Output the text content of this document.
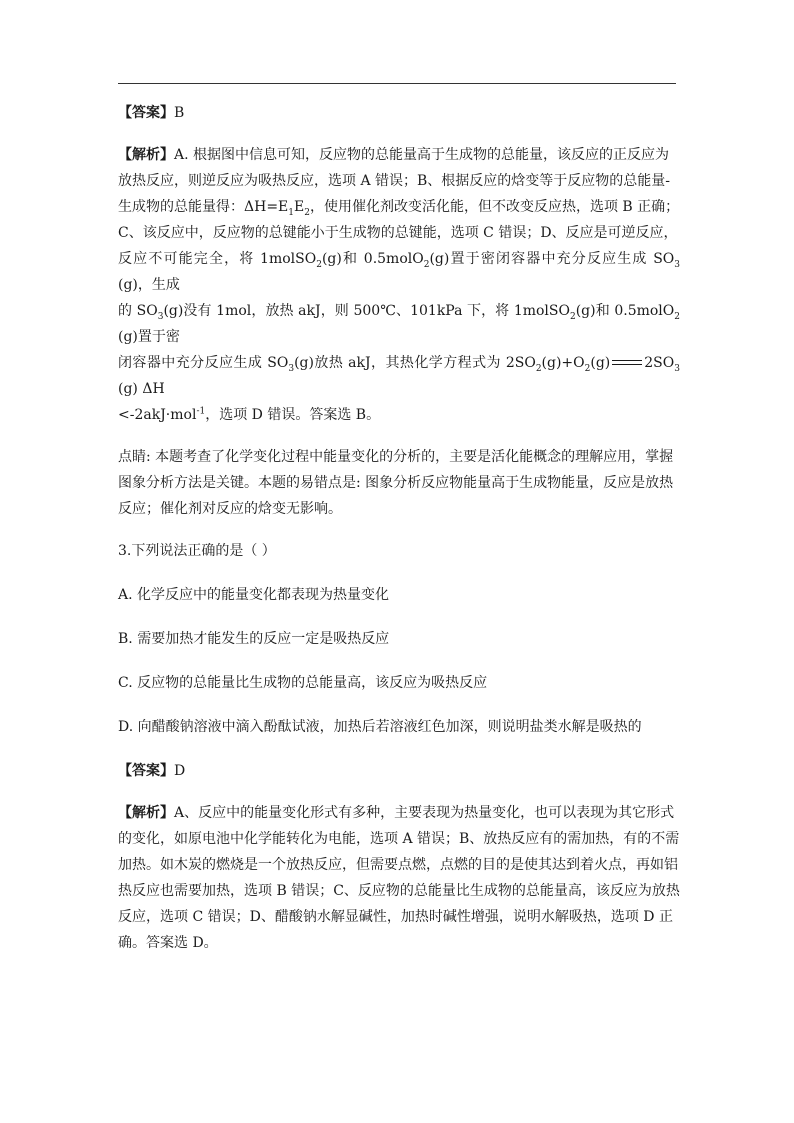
【答案】B

【解析】A. 根据图中信息可知，反应物的总能量高于生成物的总能量，该反应的正反应为
放热反应，则逆反应为吸热反应，选项 A 错误；B、根据反应的焓变等于反应物的总能量-
生成物的总能量得：$\Delta H=E_1E_2$，使用催化剂改变活化能，但不改变反应热，选项 B 正确；
C、该反应中，反应物的总键能小于生成物的总键能，选项 C 错误；D、反应是可逆反应，
反应不可能完全，将 1molSO$_2$(g)和 0.5molO$_2$(g)置于密闭容器中充分反应生成 $SO_3(g)$，生成
的 $SO_3(g)$没有 1mol，放热 akJ，则 500℃、101kPa 下，将 1molSO$_2$(g)和 0.5molO$_2$(g)置于密
闭容器中充分反应生成 $SO_3(g)$放热 akJ，其热化学方程式为 $2SO_2(g)+O_2(g)$ $2SO_3(g)$ ΔH
<-2akJ·mol$^{-1}$，选项 D 错误。答案选 B。

点睛: 本题考查了化学变化过程中能量变化的分析的，主要是活化能概念的理解应用，掌握
图象分析方法是关键。本题的易错点是: 图象分析反应物能量高于生成物能量，反应是放热
反应；催化剂对反应的焓变无影响。

3.下列说法正确的是（ ）

A. 化学反应中的能量变化都表现为热量变化

B. 需要加热才能发生的反应一定是吸热反应

C. 反应物的总能量比生成物的总能量高，该反应为吸热反应

D. 向醋酸钠溶液中滴入酚酞试液，加热后若溶液红色加深，则说明盐类水解是吸热的

【答案】D

【解析】A、反应中的能量变化形式有多种，主要表现为热量变化，也可以表现为其它形式
的变化，如原电池中化学能转化为电能，选项 A 错误；B、放热反应有的需加热，有的不需
加热。如木炭的燃烧是一个放热反应，但需要点燃，点燃的目的是使其达到着火点，再如铝
热反应也需要加热，选项 B 错误；C、反应物的总能量比生成物的总能量高，该反应为放热
反应，选项 C 错误；D、醋酸钠水解显碱性，加热时碱性增强，说明水解吸热，选项 D 正
确。答案选 D。
